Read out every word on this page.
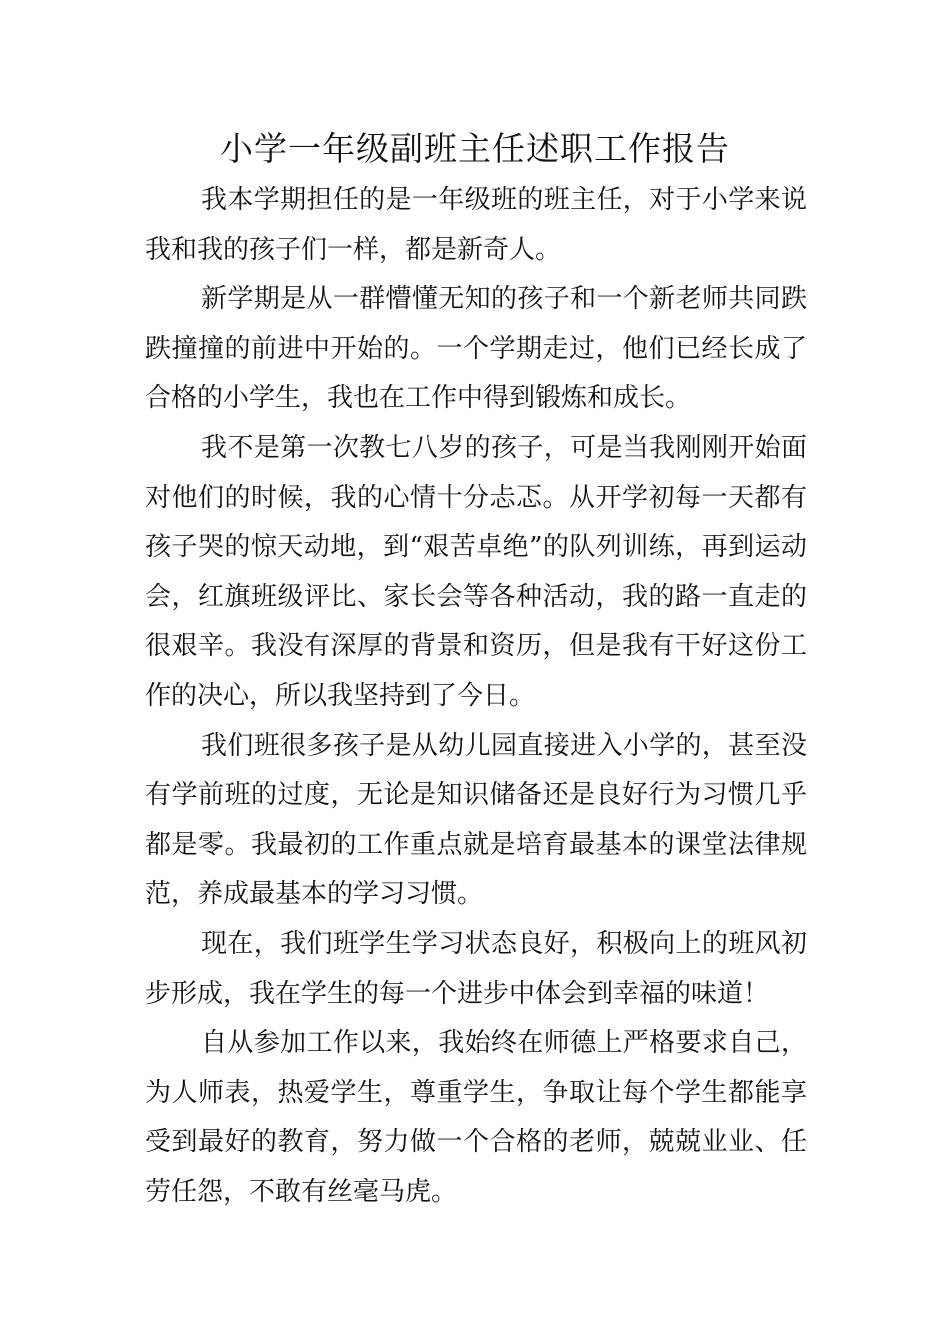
小学一年级副班主任述职工作报告

我本学期担任的是一年级班的班主任，对于小学来说我和我的孩子们一样，都是新奇人。

新学期是从一群懵懂无知的孩子和一个新老师共同跌跌撞撞的前进中开始的。一个学期走过，他们已经长成了合格的小学生，我也在工作中得到锻炼和成长。

我不是第一次教七八岁的孩子，可是当我刚刚开始面对他们的时候，我的心情十分忐忑。从开学初每一天都有孩子哭的惊天动地，到“艰苦卓绝”的队列训练，再到运动会，红旗班级评比、家长会等各种活动，我的路一直走的很艰辛。我没有深厚的背景和资历，但是我有干好这份工作的决心，所以我坚持到了今日。

我们班很多孩子是从幼儿园直接进入小学的，甚至没有学前班的过度，无论是知识储备还是良好行为习惯几乎都是零。我最初的工作重点就是培育最基本的课堂法律规范，养成最基本的学习习惯。

现在，我们班学生学习状态良好，积极向上的班风初步形成，我在学生的每一个进步中体会到幸福的味道！

自从参加工作以来，我始终在师德上严格要求自己，为人师表，热爱学生，尊重学生，争取让每个学生都能享受到最好的教育，努力做一个合格的老师，兢兢业业、任劳任怨，不敢有丝毫马虎。
